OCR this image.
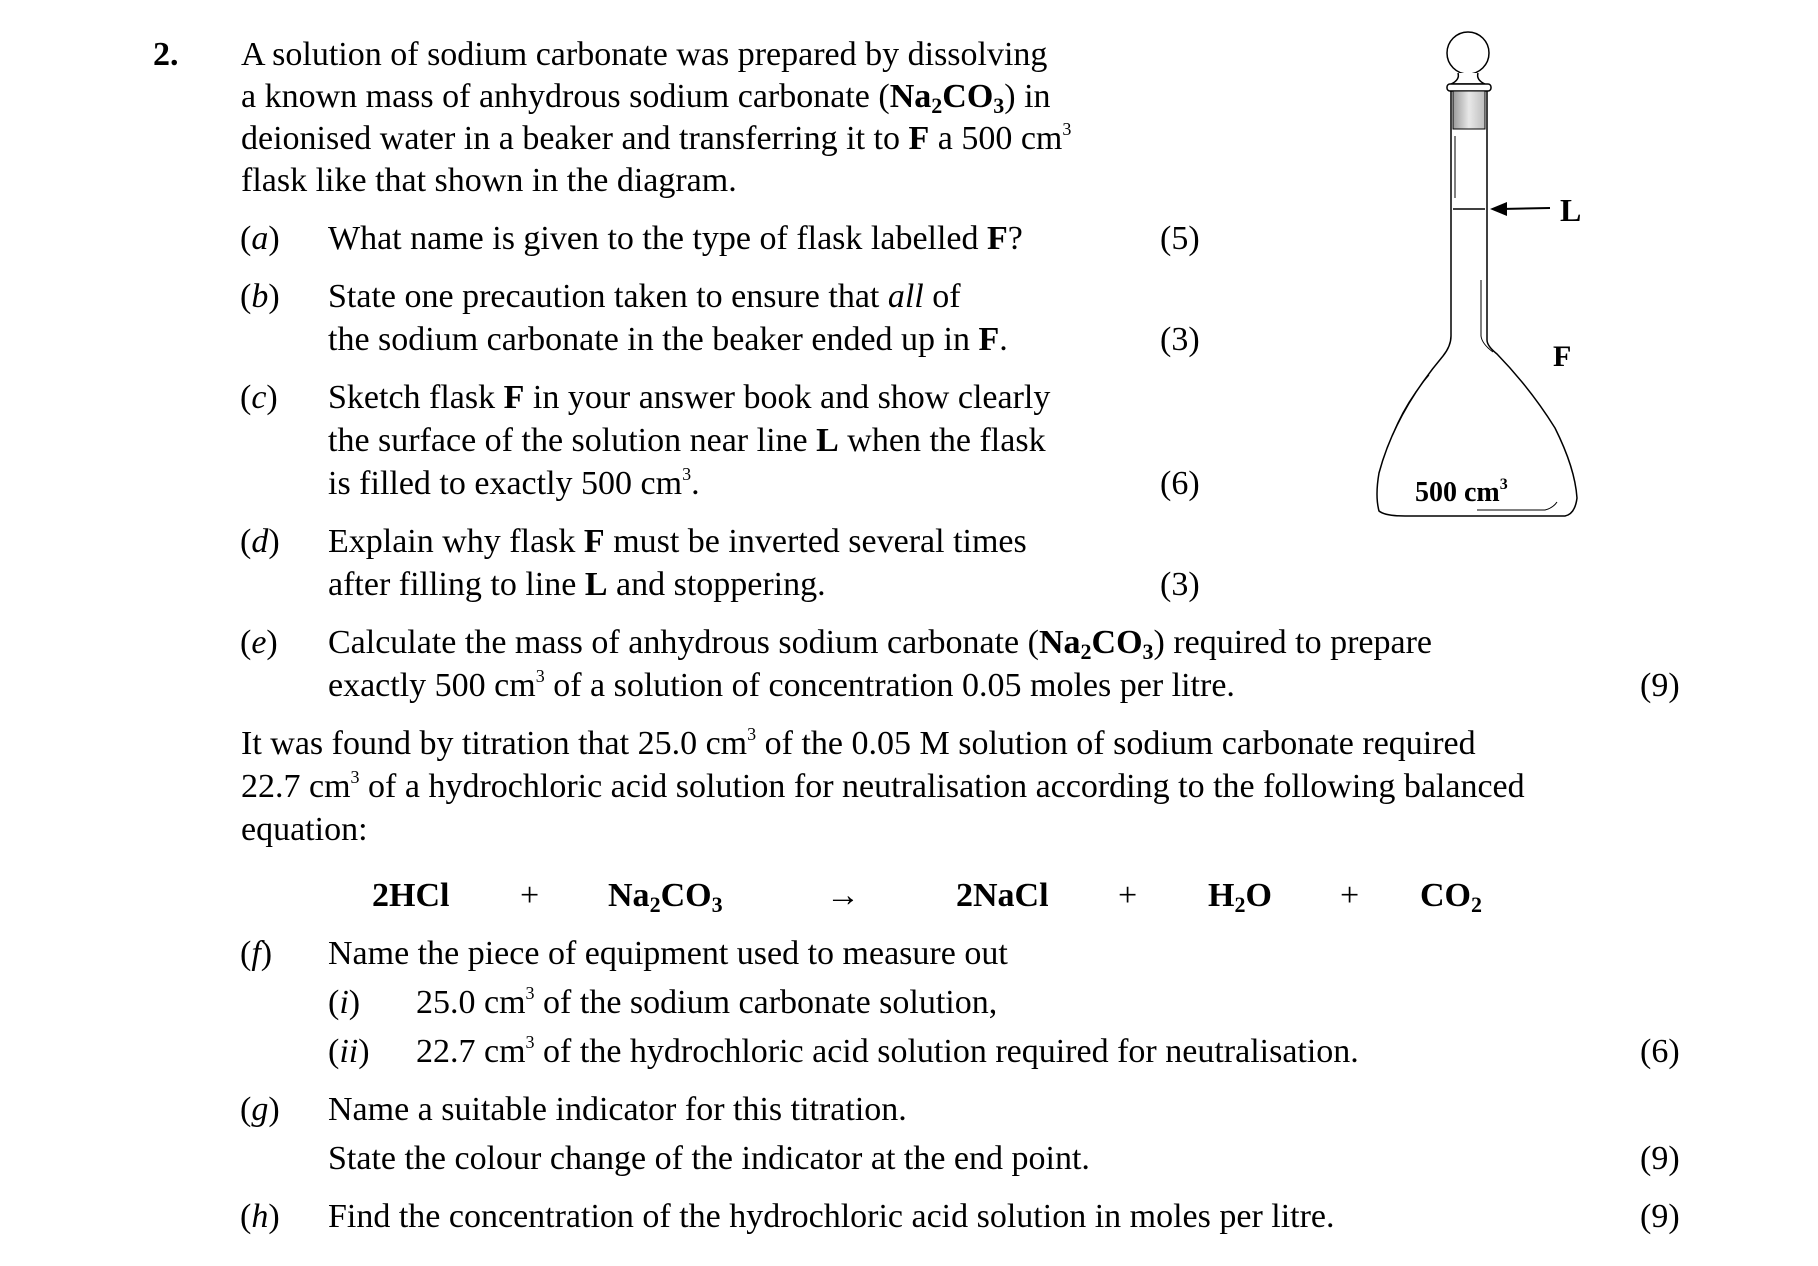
2. A solution of sodium carbonate was prepared by dissolving
a known mass of anhydrous sodium carbonate $(Na_2CO_3)$ in
deionised water in a beaker and transferring it to F a 500 $cm^3$
flask like that shown in the diagram.
(a) What name is given to the type of flask labelled F?	(5)
(b) State one precaution taken to ensure that all of
the sodium carbonate in the beaker ended up in F.	(3)
(c) Sketch flask F in your answer book and show clearly
the surface of the solution near line L when the flask
is filled to exactly 500 $cm^3$.	(6)
(d) Explain why flask F must be inverted several times
after filling to line L and stoppering.	(3)
(e) Calculate the mass of anhydrous sodium carbonate $(Na_2CO_3)$ required to prepare
exactly 500 $cm^3$ of a solution of concentration 0.05 moles per litre.	(9)
It was found by titration that 25.0 $cm^3$ of the 0.05 M solution of sodium carbonate required
22.7 $cm^3$ of a hydrochloric acid solution for neutralisation according to the following balanced
equation:
$2HCl + Na_2CO_3$	→	2NaCl + $H_2O + CO_2$
(f) Name the piece of equipment used to measure out
(i) 25.0 $cm^3$ of the sodium carbonate solution,
(ii) 22.7 $cm^3$ of the hydrochloric acid solution required for neutralisation.	(6)
(g) Name a suitable indicator for this titration.
State the colour change of the indicator at the end point.	(9)
(h) Find the concentration of the hydrochloric acid solution in moles per litre.	(9)
L
F
500 $cm^3$
